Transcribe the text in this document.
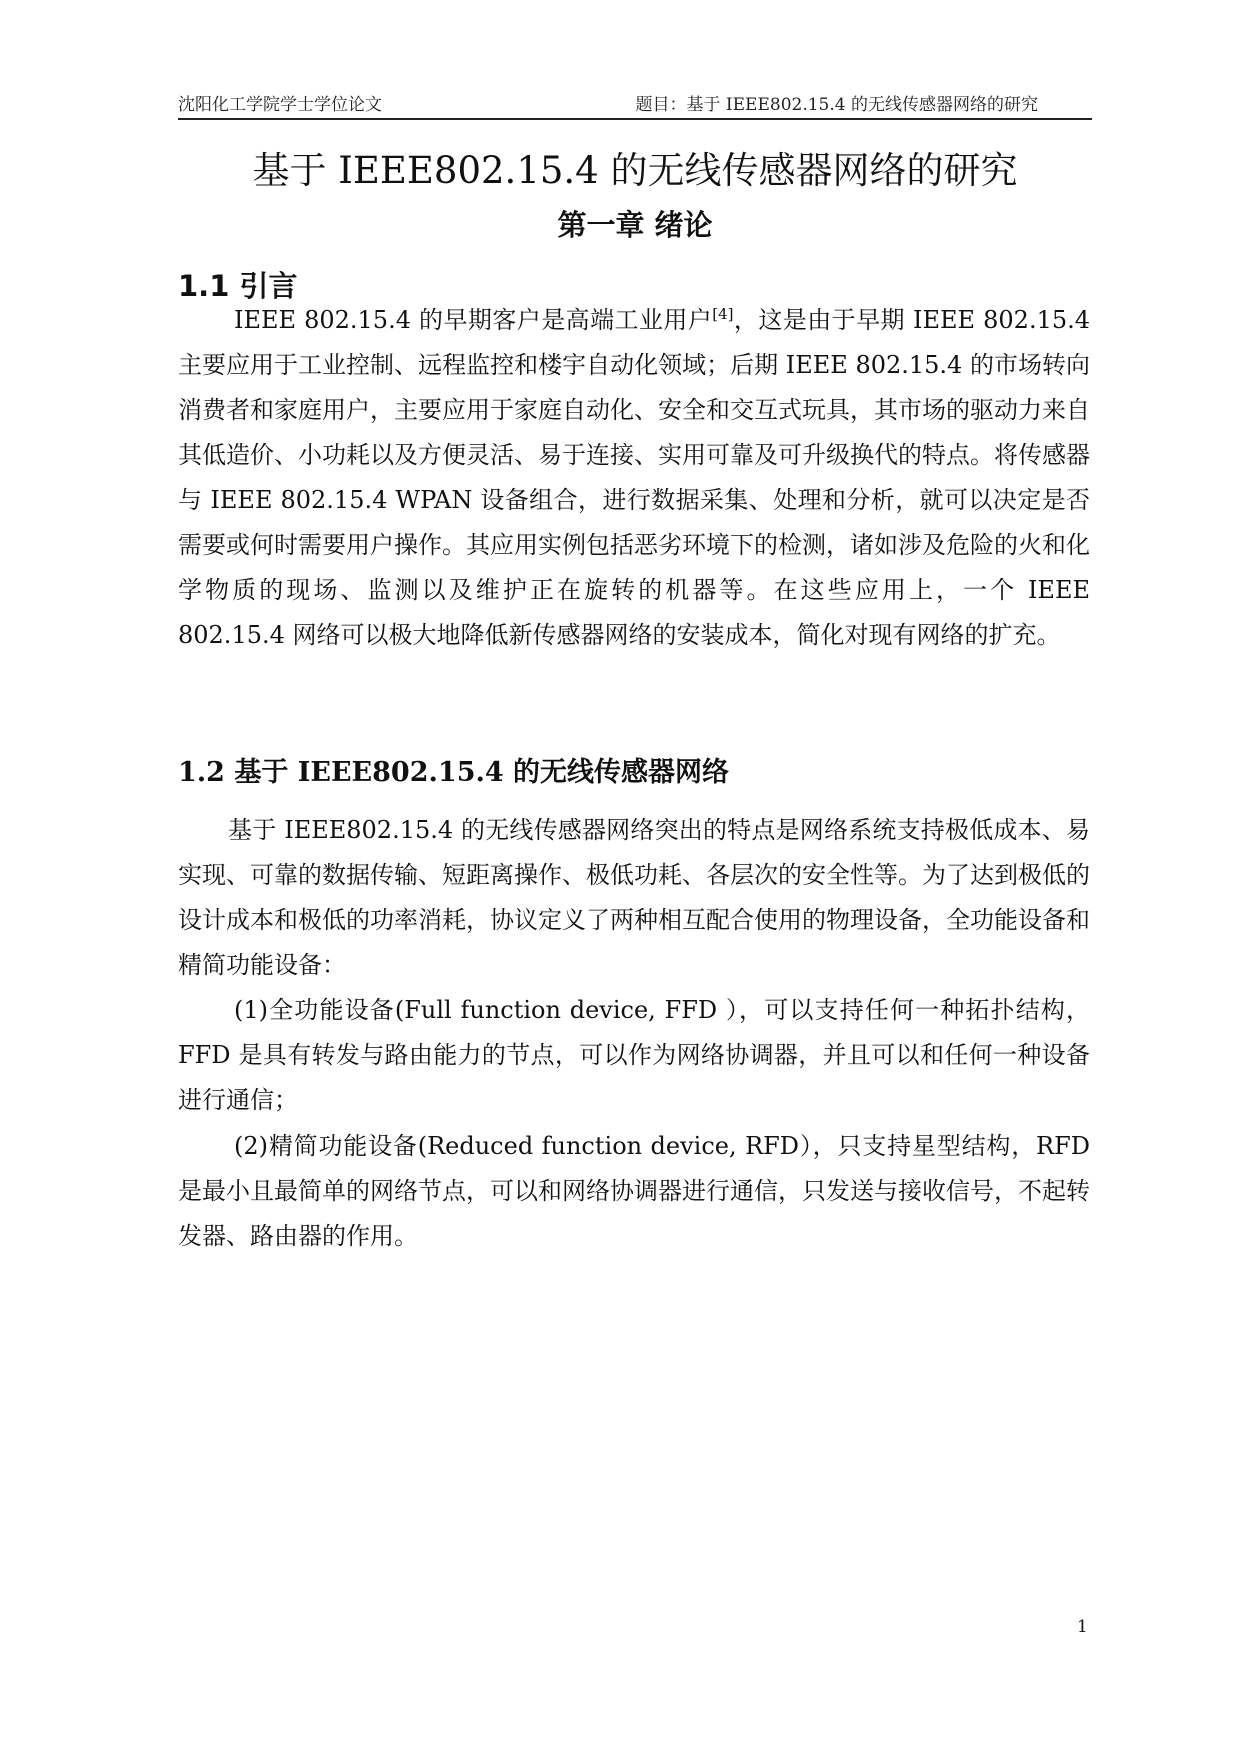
沈阳化工学院学士学位论文	题目：基于 IEEE802.15.4 的无线传感器网络的研究
基于 IEEE802.15.4 的无线传感器网络的研究
第一章 绪论
1.1 引言

IEEE 802.15.4 的早期客户是高端工业用户[4]，这是由于早期 IEEE 802.15.4 主要应用于工业控制、远程监控和楼宇自动化领域；后期 IEEE 802.15.4 的市场转向消费者和家庭用户，主要应用于家庭自动化、安全和交互式玩具，其市场的驱动力来自其低造价、小功耗以及方便灵活、易于连接、实用可靠及可升级换代的特点。将传感器与 IEEE 802.15.4 WPAN 设备组合，进行数据采集、处理和分析，就可以决定是否需要或何时需要用户操作。其应用实例包括恶劣环境下的检测，诸如涉及危险的火和化学物质的现场、监测以及维护正在旋转的机器等。在这些应用上，一个 IEEE 802.15.4 网络可以极大地降低新传感器网络的安装成本，简化对现有网络的扩充。

1.2 基于 IEEE802.15.4 的无线传感器网络

基于 IEEE802.15.4 的无线传感器网络突出的特点是网络系统支持极低成本、易实现、可靠的数据传输、短距离操作、极低功耗、各层次的安全性等。为了达到极低的设计成本和极低的功率消耗，协议定义了两种相互配合使用的物理设备，全功能设备和精简功能设备：

(1)全功能设备(Full function device, FFD ），可以支持任何一种拓扑结构，FFD 是具有转发与路由能力的节点，可以作为网络协调器，并且可以和任何一种设备进行通信；

(2)精简功能设备(Reduced function device, RFD），只支持星型结构，RFD 是最小且最简单的网络节点，可以和网络协调器进行通信，只发送与接收信号，不起转发器、路由器的作用。

1
